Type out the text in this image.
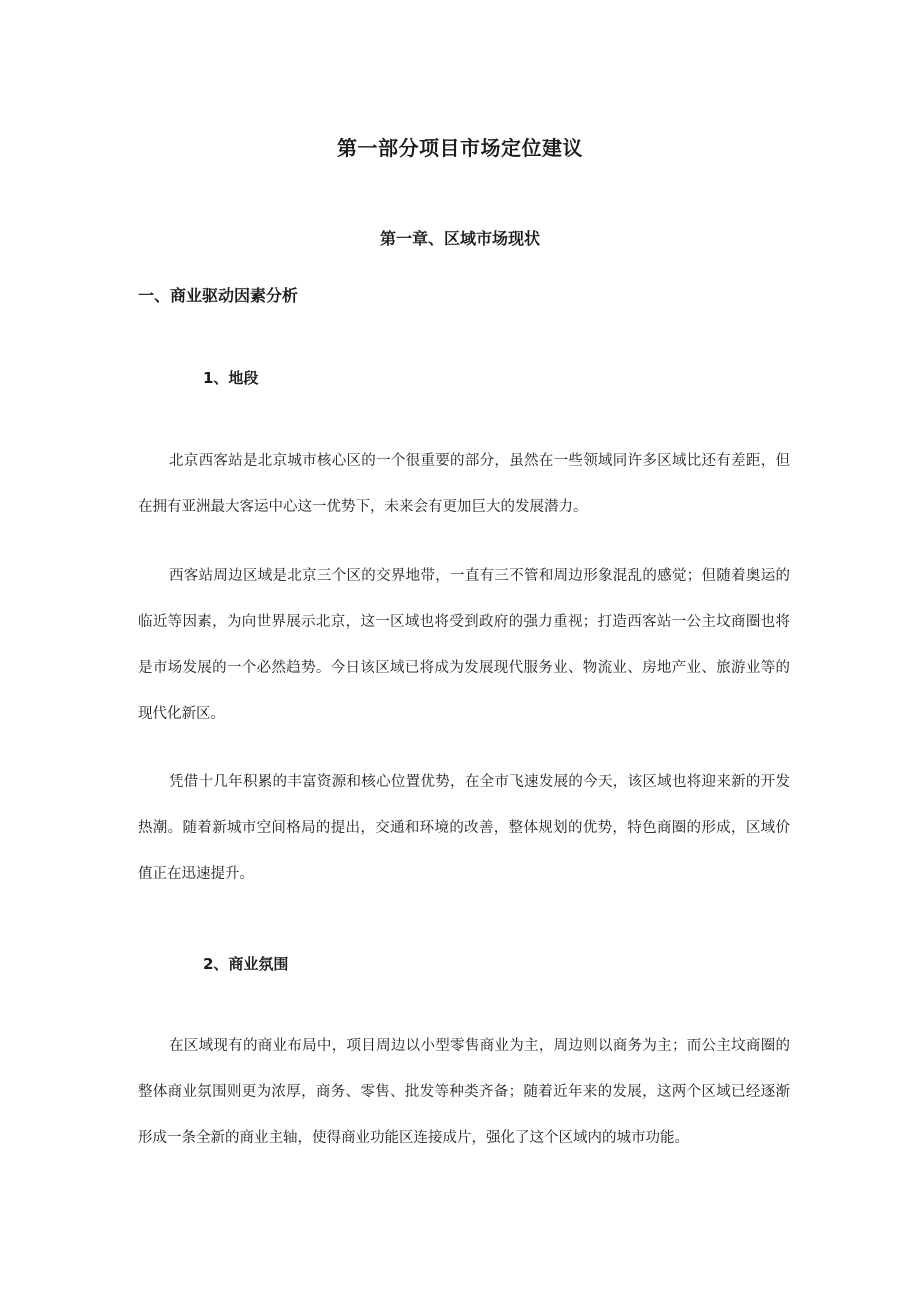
第一部分项目市场定位建议
第一章、区域市场现状
一、商业驱动因素分析
1、地段

北京西客站是北京城市核心区的一个很重要的部分，虽然在一些领域同许多区域比还有差距，但在拥有亚洲最大客运中心这一优势下，未来会有更加巨大的发展潜力。

西客站周边区域是北京三个区的交界地带，一直有三不管和周边形象混乱的感觉；但随着奥运的临近等因素，为向世界展示北京，这一区域也将受到政府的强力重视；打造西客站一公主坟商圈也将是市场发展的一个必然趋势。今日该区域已将成为发展现代服务业、物流业、房地产业、旅游业等的现代化新区。

凭借十几年积累的丰富资源和核心位置优势，在全市飞速发展的今天，该区域也将迎来新的开发热潮。随着新城市空间格局的提出，交通和环境的改善，整体规划的优势，特色商圈的形成，区域价值正在迅速提升。

2、商业氛围

在区域现有的商业布局中，项目周边以小型零售商业为主，周边则以商务为主；而公主坟商圈的整体商业氛围则更为浓厚，商务、零售、批发等种类齐备；随着近年来的发展，这两个区域已经逐渐形成一条全新的商业主轴，使得商业功能区连接成片，强化了这个区域内的城市功能。
